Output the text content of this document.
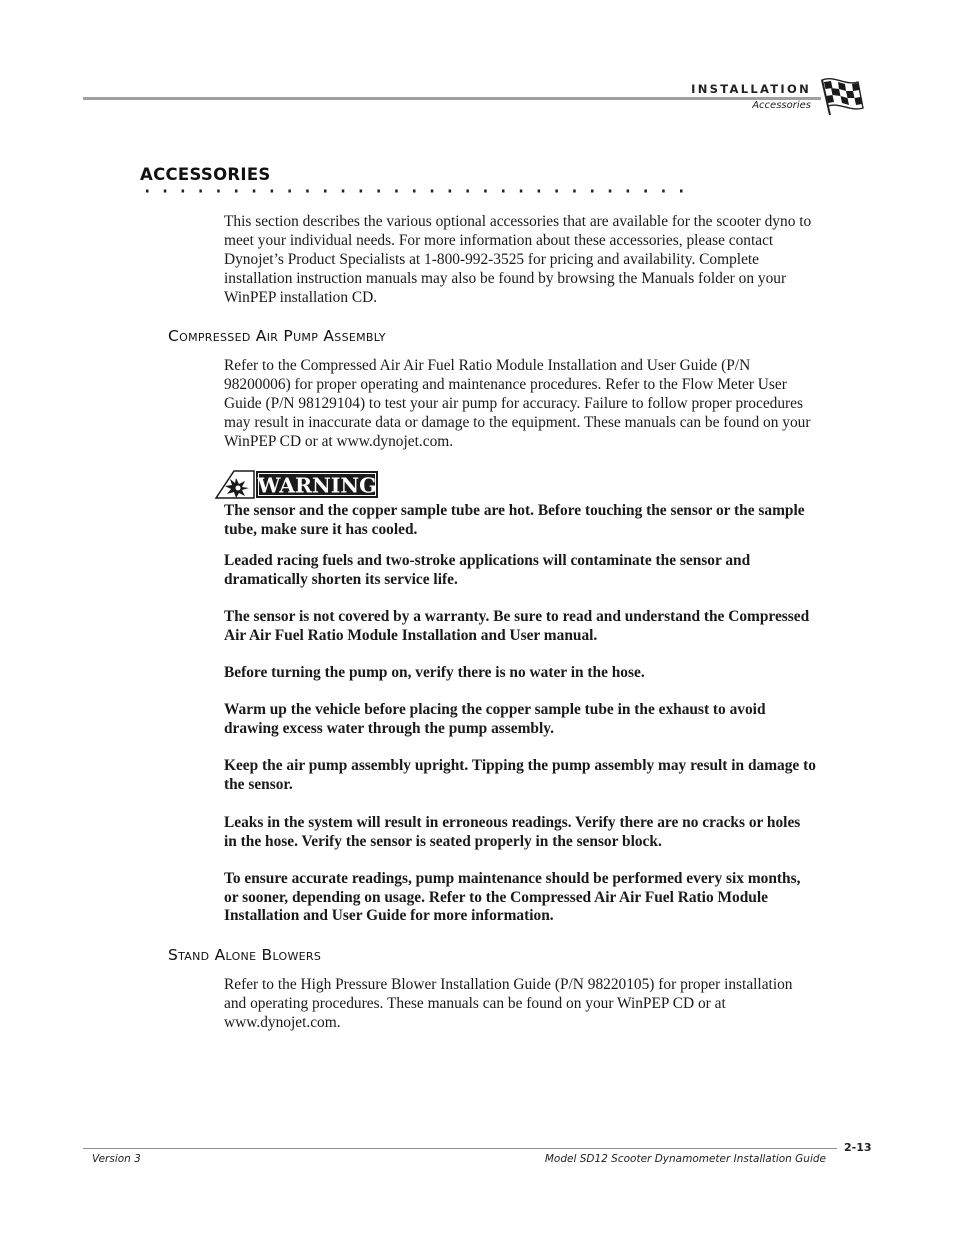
INSTALLATION
Accessories
ACCESSORIES
This section describes the various optional accessories that are available for the scooter dyno to meet your individual needs. For more information about these accessories, please contact Dynojet’s Product Specialists at 1-800-992-3525 for pricing and availability. Complete installation instruction manuals may also be found by browsing the Manuals folder on your WinPEP installation CD.
Compressed Air Pump Assembly
Refer to the Compressed Air Air Fuel Ratio Module Installation and User Guide (P/N 98200006) for proper operating and maintenance procedures. Refer to the Flow Meter User Guide (P/N 98129104) to test your air pump for accuracy. Failure to follow proper procedures may result in inaccurate data or damage to the equipment. These manuals can be found on your WinPEP CD or at www.dynojet.com.
WARNING
The sensor and the copper sample tube are hot. Before touching the sensor or the sample tube, make sure it has cooled.
Leaded racing fuels and two-stroke applications will contaminate the sensor and dramatically shorten its service life.
The sensor is not covered by a warranty. Be sure to read and understand the Compressed Air Air Fuel Ratio Module Installation and User manual.
Before turning the pump on, verify there is no water in the hose.
Warm up the vehicle before placing the copper sample tube in the exhaust to avoid drawing excess water through the pump assembly.
Keep the air pump assembly upright. Tipping the pump assembly may result in damage to the sensor.
Leaks in the system will result in erroneous readings. Verify there are no cracks or holes in the hose. Verify the sensor is seated properly in the sensor block.
To ensure accurate readings, pump maintenance should be performed every six months, or sooner, depending on usage. Refer to the Compressed Air Air Fuel Ratio Module Installation and User Guide for more information.
Stand Alone Blowers
Refer to the High Pressure Blower Installation Guide (P/N 98220105) for proper installation and operating procedures. These manuals can be found on your WinPEP CD or at www.dynojet.com.
2-13
Version 3	Model SD12 Scooter Dynamometer Installation Guide
